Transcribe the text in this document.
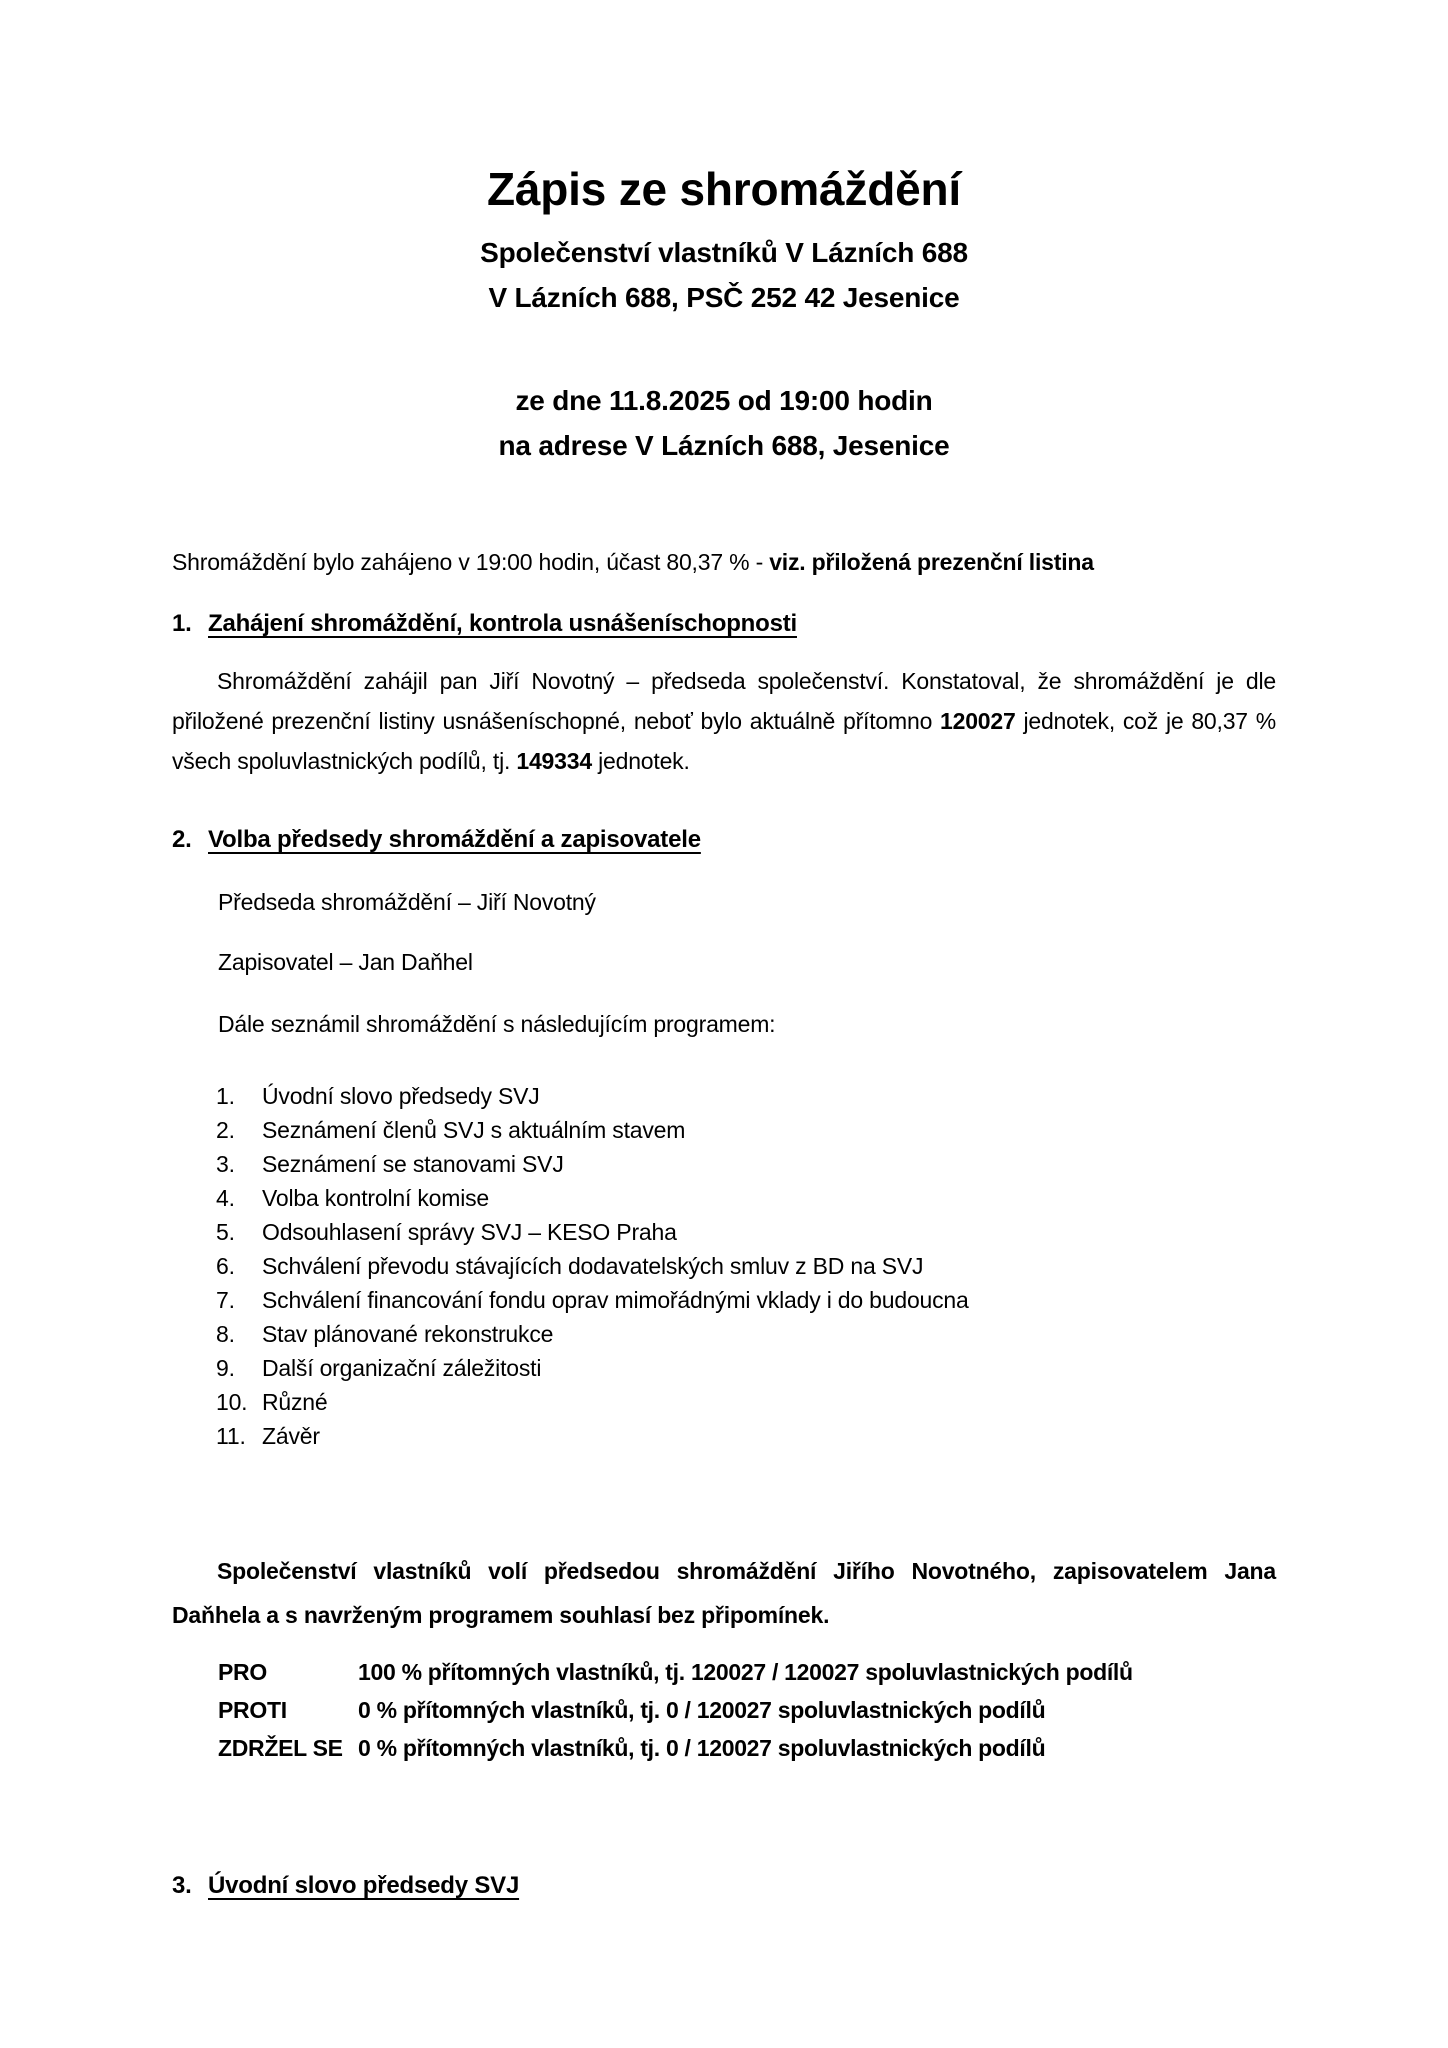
Zápis ze shromáždění

Společenství vlastníků V Lázních 688

V Lázních 688, PSČ 252 42 Jesenice

ze dne 11.8.2025 od 19:00 hodin

na adrese V Lázních 688, Jesenice

Shromáždění bylo zahájeno v 19:00 hodin, účast 80,37 % - viz. přiložená prezenční listina

1. Zahájení shromáždění, kontrola usnášeníschopnosti

Shromáždění zahájil pan Jiří Novotný – předseda společenství. Konstatoval, že shromáždění je dle přiložené prezenční listiny usnášeníschopné, neboť bylo aktuálně přítomno 120027 jednotek, což je 80,37 % všech spoluvlastnických podílů, tj. 149334 jednotek.

2. Volba předsedy shromáždění a zapisovatele

Předseda shromáždění – Jiří Novotný

Zapisovatel – Jan Daňhel

Dále seznámil shromáždění s následujícím programem:

1.	Úvodní slovo předsedy SVJ
2.	Seznámení členů SVJ s aktuálním stavem
3.	Seznámení se stanovami SVJ
4.	Volba kontrolní komise
5.	Odsouhlasení správy SVJ – KESO Praha
6.	Schválení převodu stávajících dodavatelských smluv z BD na SVJ
7.	Schválení financování fondu oprav mimořádnými vklady i do budoucna
8.	Stav plánované rekonstrukce
9.	Další organizační záležitosti
10. Různé
11. Závěr

Společenství vlastníků volí předsedou shromáždění Jiřího Novotného, zapisovatelem Jana Daňhela a s navrženým programem souhlasí bez připomínek.

PRO	100 % přítomných vlastníků, tj. 120027 / 120027 spoluvlastnických podílů
PROTI	0 % přítomných vlastníků, tj. 0 / 120027 spoluvlastnických podílů
ZDRŽEL SE 0 % přítomných vlastníků, tj. 0 / 120027 spoluvlastnických podílů
3. Úvodní slovo předsedy SVJ
